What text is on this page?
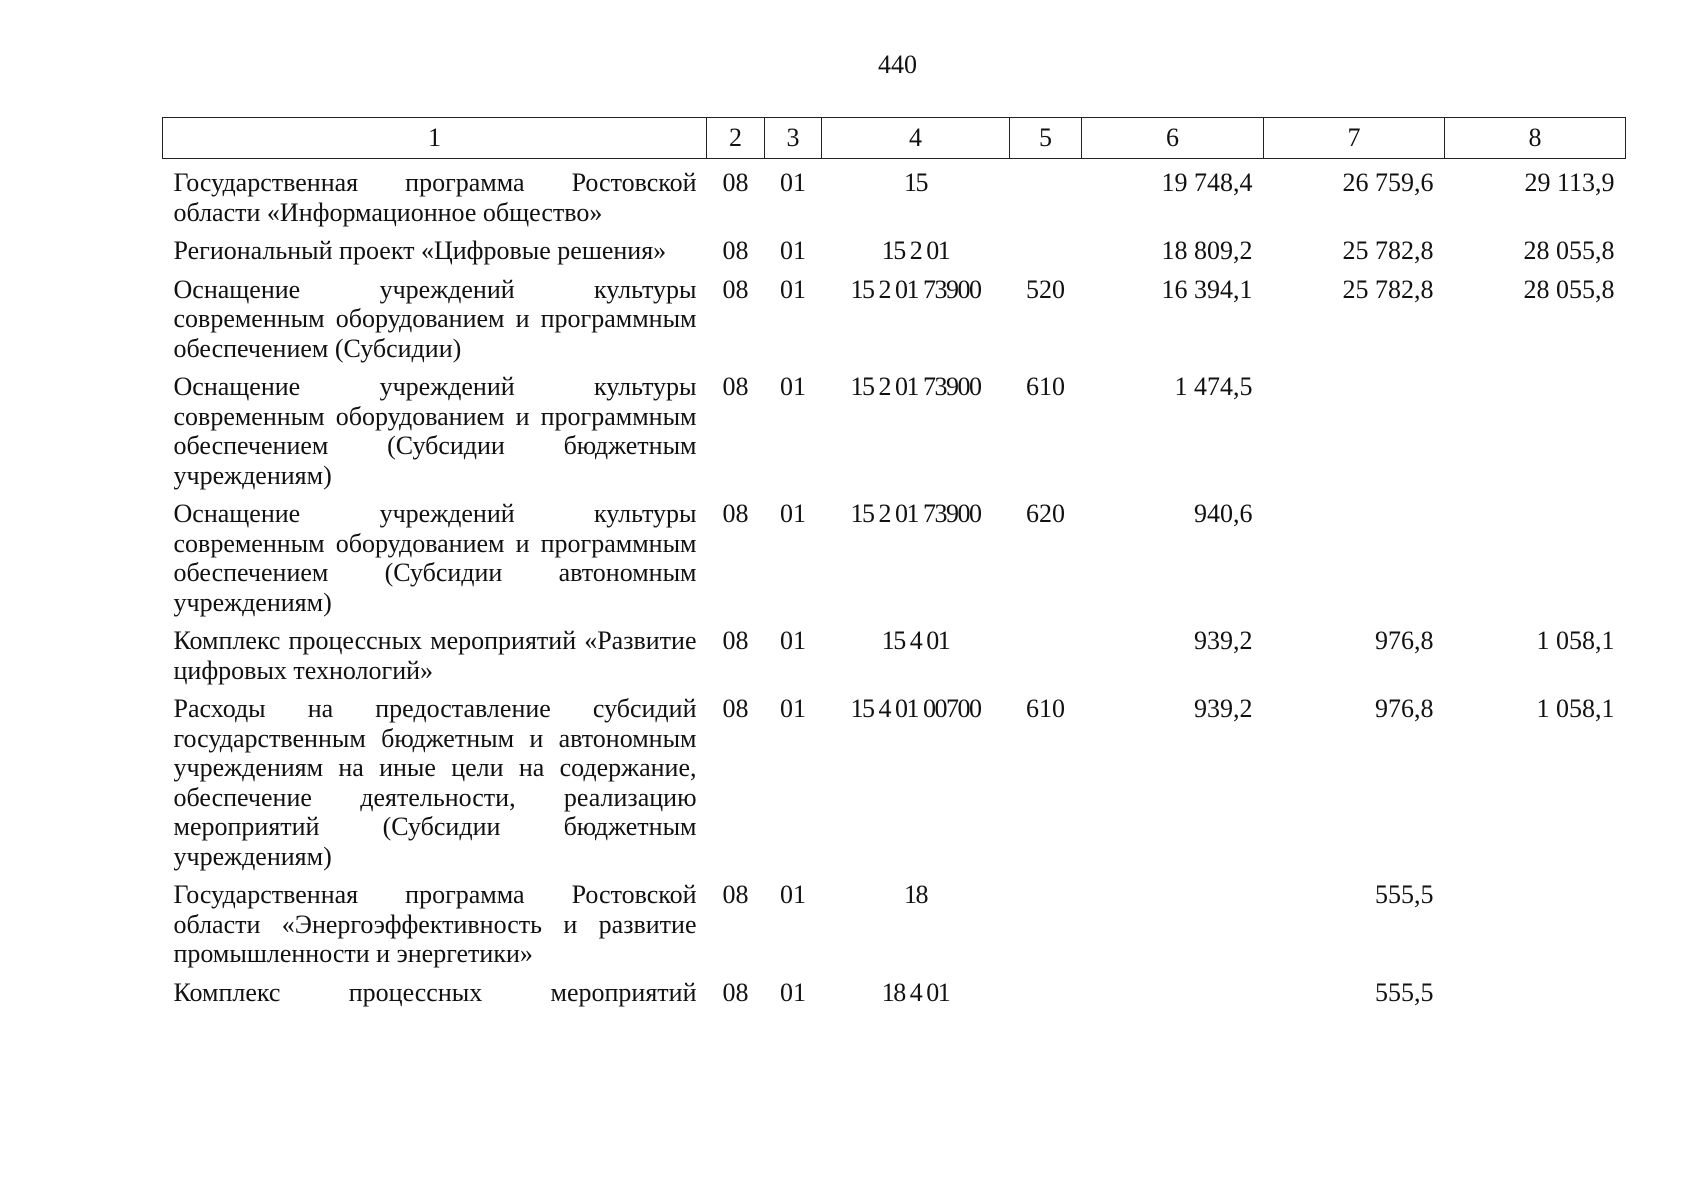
440
1	2	3	4	5	6	7	8
Государственная программа Ростовской области «Информационное общество»	08	01	15		19 748,4	26 759,6	29 113,9
Региональный проект «Цифровые решения»	08	01	15 2 01		18 809,2	25 782,8	28 055,8
Оснащение учреждений культуры современным оборудованием и программным обеспечением (Субсидии)	08	01	15 2 01 73900	520	16 394,1	25 782,8	28 055,8
Оснащение учреждений культуры современным оборудованием и программным обеспечением (Субсидии бюджетным учреждениям)	08	01	15 2 01 73900	610	1 474,5		
Оснащение учреждений культуры современным оборудованием и программным обеспечением (Субсидии автономным учреждениям)	08	01	15 2 01 73900	620	940,6		
Комплекс процессных мероприятий «Развитие цифровых технологий»	08	01	15 4 01		939,2	976,8	1 058,1
Расходы на предоставление субсидий государственным бюджетным и автономным учреждениям на иные цели на содержание, обеспечение деятельности, реализацию мероприятий (Субсидии бюджетным учреждениям)	08	01	15 4 01 00700	610	939,2	976,8	1 058,1
Государственная программа Ростовской области «Энергоэффективность и развитие промышленности и энергетики»	08	01	18			555,5	
Комплекс процессных мероприятий	08	01	18 4 01			555,5	
